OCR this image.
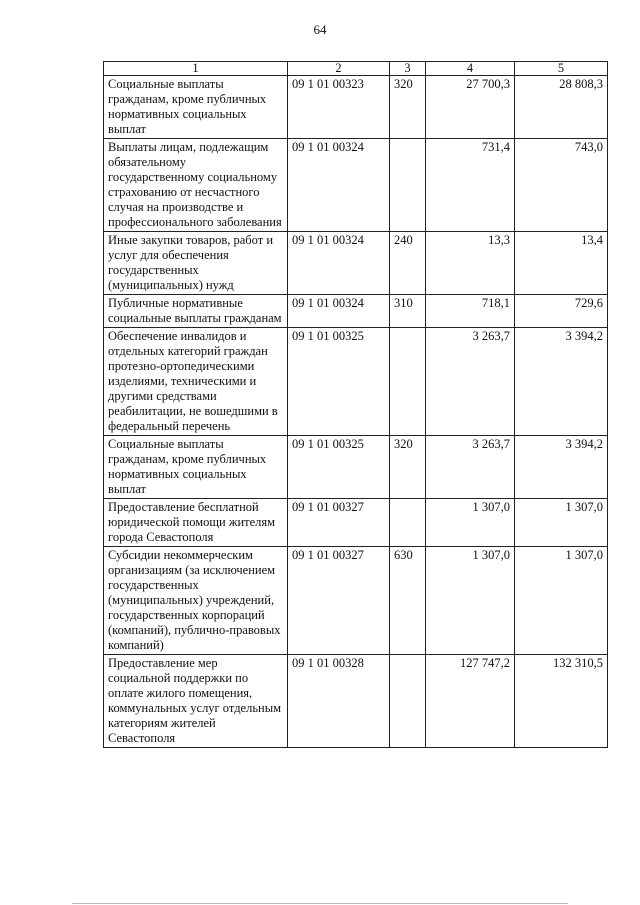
64
1	2	3	4	5
Социальные выплаты гражданам, кроме публичных нормативных социальных выплат	09 1 01 00323	320	27 700,3	28 808,3
Выплаты лицам, подлежащим обязательному государственному социальному страхованию от несчастного случая на производстве и профессионального заболевания	09 1 01 00324		731,4	743,0
Иные закупки товаров, работ и услуг для обеспечения государственных (муниципальных) нужд	09 1 01 00324	240	13,3	13,4
Публичные нормативные социальные выплаты гражданам	09 1 01 00324	310	718,1	729,6
Обеспечение инвалидов и отдельных категорий граждан протезно-ортопедическими изделиями, техническими и другими средствами реабилитации, не вошедшими в федеральный перечень	09 1 01 00325		3 263,7	3 394,2
Социальные выплаты гражданам, кроме публичных нормативных социальных выплат	09 1 01 00325	320	3 263,7	3 394,2
Предоставление бесплатной юридической помощи жителям города Севастополя	09 1 01 00327		1 307,0	1 307,0
Субсидии некоммерческим организациям (за исключением государственных (муниципальных) учреждений, государственных корпораций (компаний), публично-правовых компаний)	09 1 01 00327	630	1 307,0	1 307,0
Предоставление мер социальной поддержки по оплате жилого помещения, коммунальных услуг отдельным категориям жителей Севастополя	09 1 01 00328		127 747,2	132 310,5
